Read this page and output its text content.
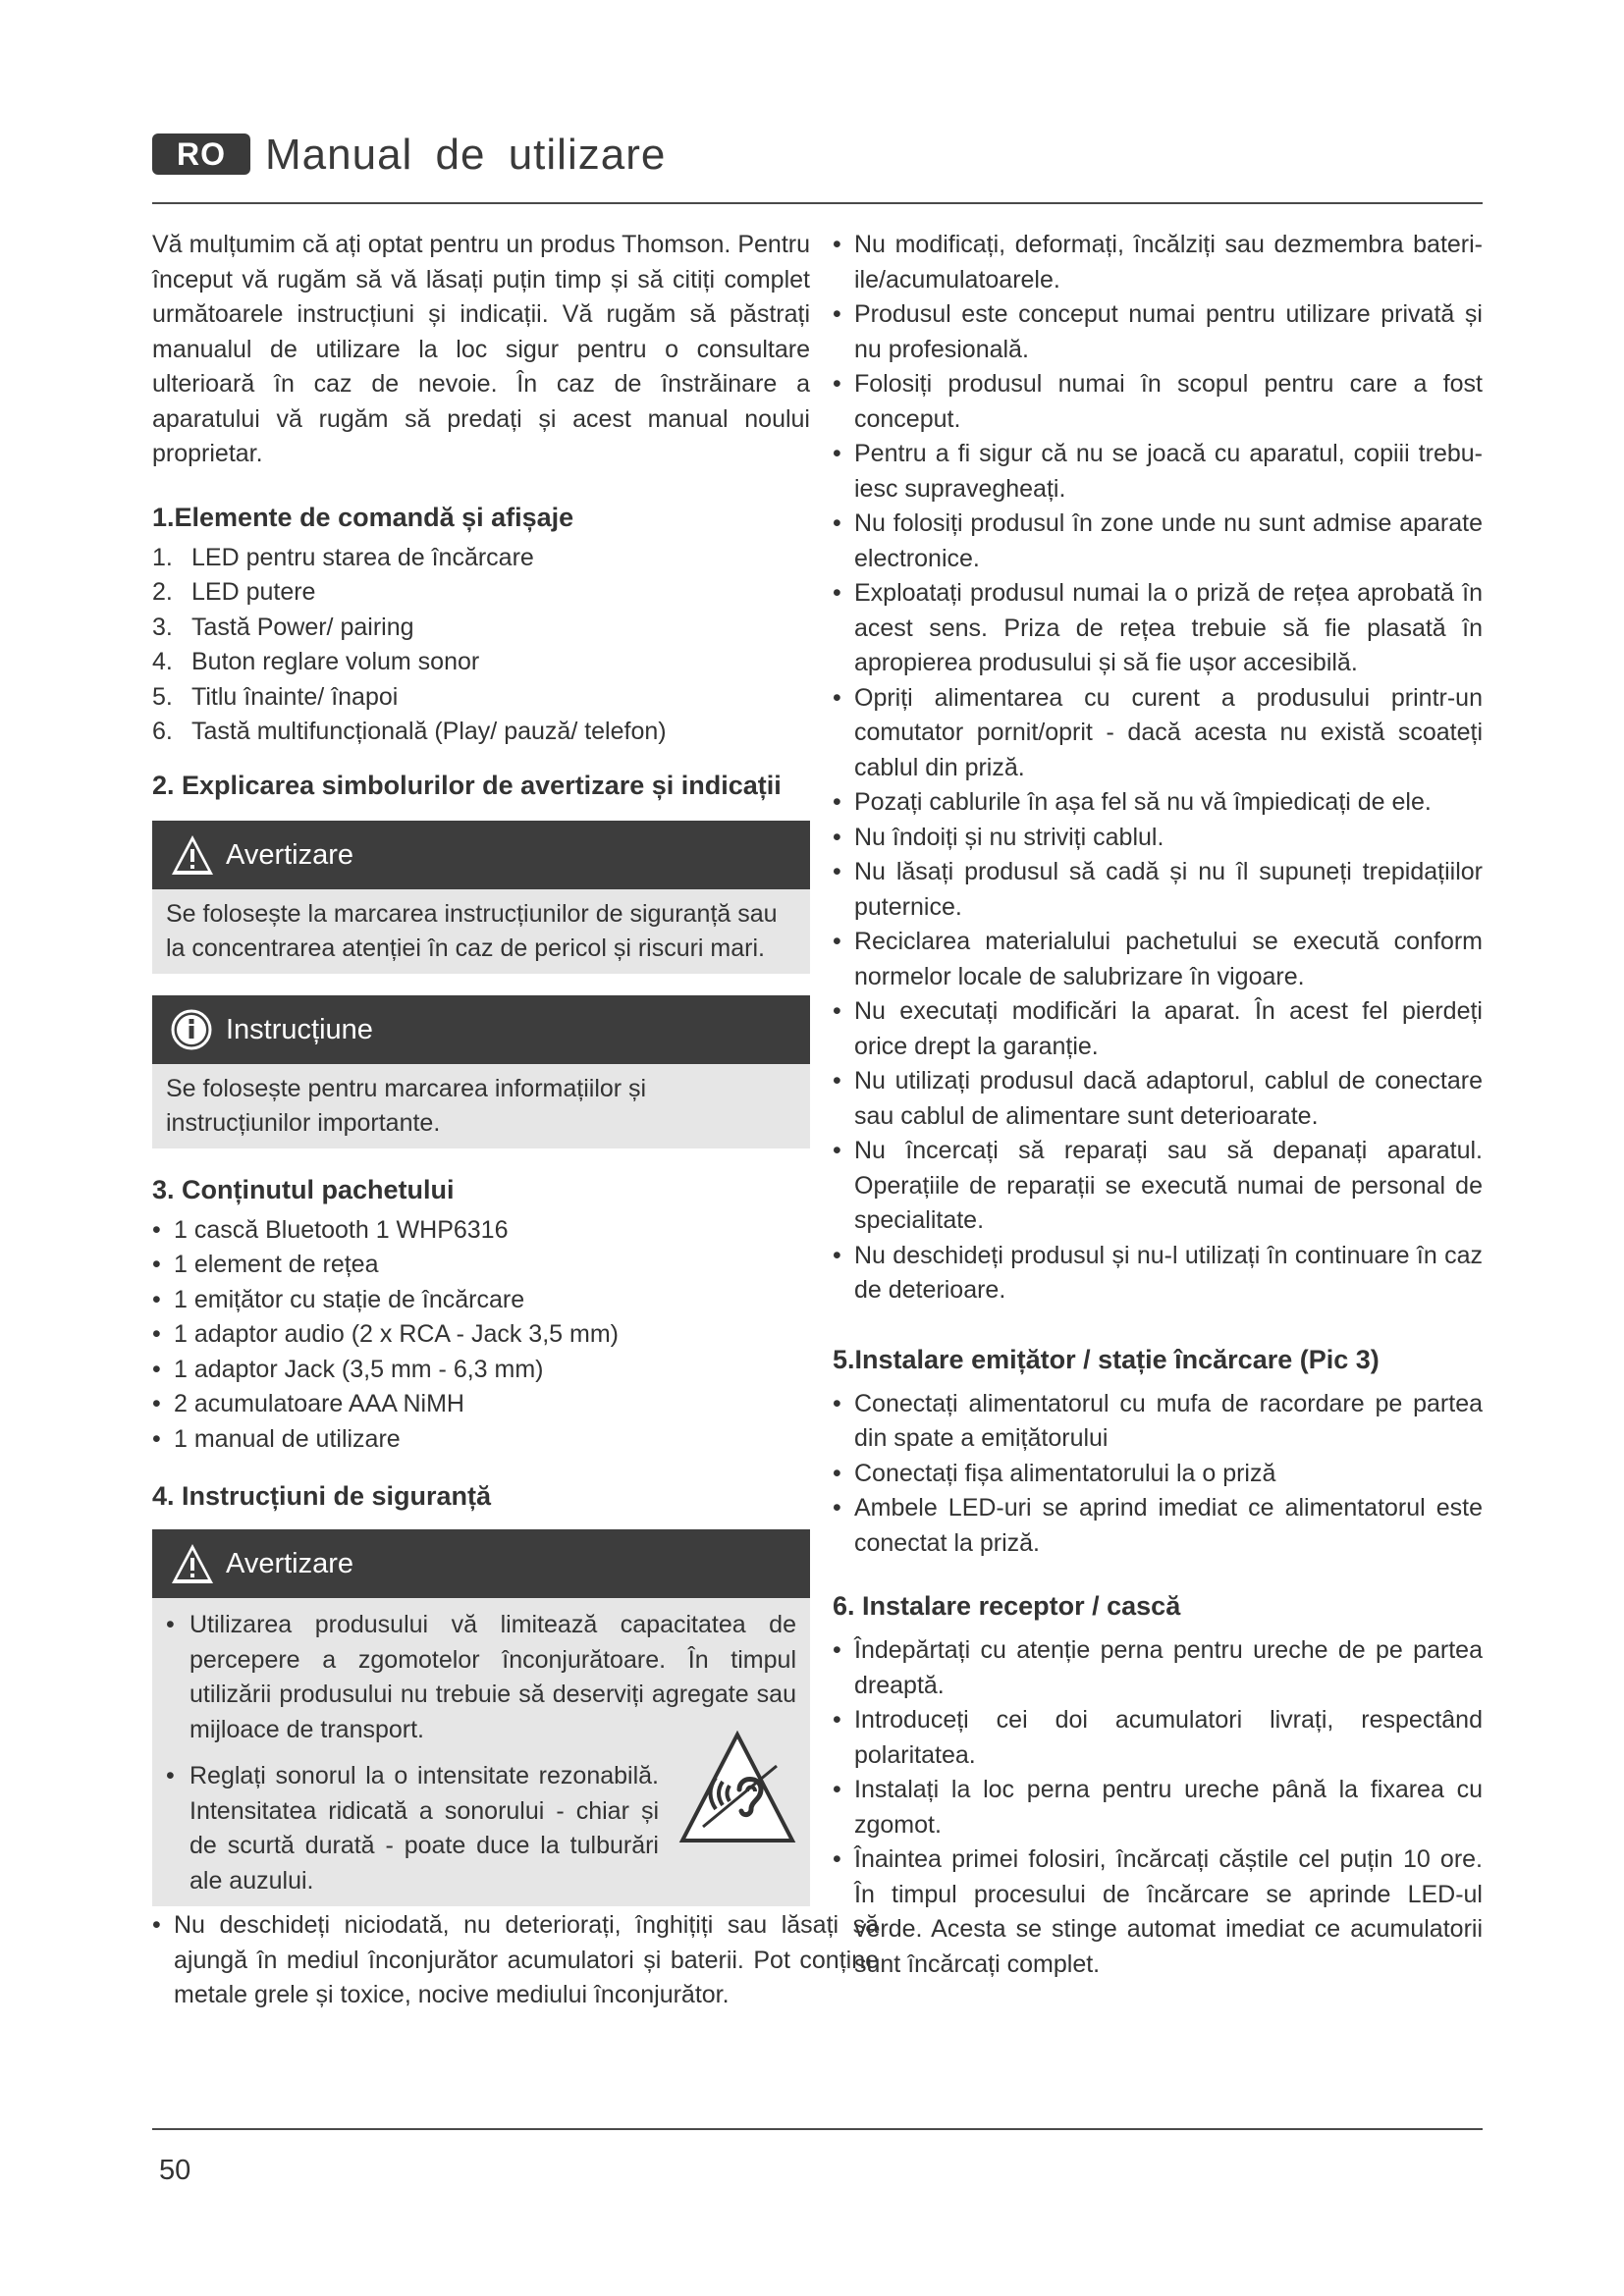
RO Manual de utilizare

Vă mulțumim că ați optat pentru un produs Thomson. Pentru început vă rugăm să vă lăsați puțin timp și să citiți complet următoarele instrucțiuni și indicații. Vă rugăm să păstrați manualul de utilizare la loc sigur pentru o consultare ulterioară în caz de nevoie. În caz de înstrăinare a aparatului vă rugăm să predați și acest manual noului proprietar.

1.Elemente de comandă și afișaje
1. LED pentru starea de încărcare
2. LED putere
3. Tastă Power/ pairing
4. Buton reglare volum sonor
5. Titlu înainte/ înapoi
6. Tastă multifuncțională (Play/ pauză/ telefon)
2. Explicarea simbolurilor de avertizare și indicații
Avertizare

Se folosește la marcarea instrucțiunilor de siguranță sau la concentrarea atenției în caz de pericol și riscuri mari.

Instrucțiune

Se folosește pentru marcarea informațiilor și instrucțiunilor importante.

3. Conținutul pachetului
• 1 cască Bluetooth 1 WHP6316
• 1 element de rețea
• 1 emițător cu stație de încărcare
• 1 adaptor audio (2 x RCA - Jack 3,5 mm)
• 1 adaptor Jack (3,5 mm - 6,3 mm)
• 2 acumulatoare AAA NiMH
• 1 manual de utilizare
4. Instrucțiuni de siguranță
Avertizare
• Utilizarea produsului vă limitează capacitatea de percepere a zgomotelor înconjurătoare. În timpul utilizării produsului nu trebuie să deserviți agregate sau mijloace de transport.
• Reglați sonorul la o intensitate rezonabilă. Intensitatea ridicată a sonorului - chiar și de scurtă durată - poate duce la tulburări ale auzului.
• Nu deschideți niciodată, nu deteriorați, înghițiți sau lăsați să ajungă în mediul înconjurător acumulatori și baterii. Pot conține metale grele și toxice, nocive mediului înconjurător.
• Nu modificați, deformați, încălziți sau dezmembra bateri- ile/acumulatoarele.
• Produsul este conceput numai pentru utilizare privată și nu profesională.
• Folosiți produsul numai în scopul pentru care a fost conceput.
• Pentru a fi sigur că nu se joacă cu aparatul, copiii trebu- iesc supravegheați.
• Nu folosiți produsul în zone unde nu sunt admise aparate electronice.
• Exploatați produsul numai la o priză de rețea aprobată în acest sens. Priza de rețea trebuie să fie plasată în apropierea produsului și să fie ușor accesibilă.
• Opriți alimentarea cu curent a produsului printr-un comutator pornit/oprit - dacă acesta nu există scoateți cablul din priză.
• Pozați cablurile în așa fel să nu vă împiedicați de ele.
• Nu îndoiți și nu striviți cablul.
• Nu lăsați produsul să cadă și nu îl supuneți trepidațiilor puternice.
• Reciclarea materialului pachetului se execută conform normelor locale de salubrizare în vigoare.
• Nu executați modificări la aparat. În acest fel pierdeți orice drept la garanție.
• Nu utilizați produsul dacă adaptorul, cablul de conectare sau cablul de alimentare sunt deterioarate.
• Nu încercați să reparați sau să depanați aparatul. Operațiile de reparații se execută numai de personal de specialitate.
• Nu deschideți produsul și nu-l utilizați în continuare în caz de deterioare.
5.Instalare emițător / stație încărcare (Pic 3)
• Conectați alimentatorul cu mufa de racordare pe partea din spate a emițătorului
• Conectați fișa alimentatorului la o priză
• Ambele LED-uri se aprind imediat ce alimentatorul este conectat la priză.
6. Instalare receptor / cască
• Îndepărtați cu atenție perna pentru ureche de pe partea dreaptă.
• Introduceți cei doi acumulatori livrați, respectând polaritatea.
• Instalați la loc perna pentru ureche până la fixarea cu zgomot.
• Înaintea primei folosiri, încărcați căștile cel puțin 10 ore. În timpul procesului de încărcare se aprinde LED-ul verde. Acesta se stinge automat imediat ce acumulatorii sunt încărcați complet.
50
